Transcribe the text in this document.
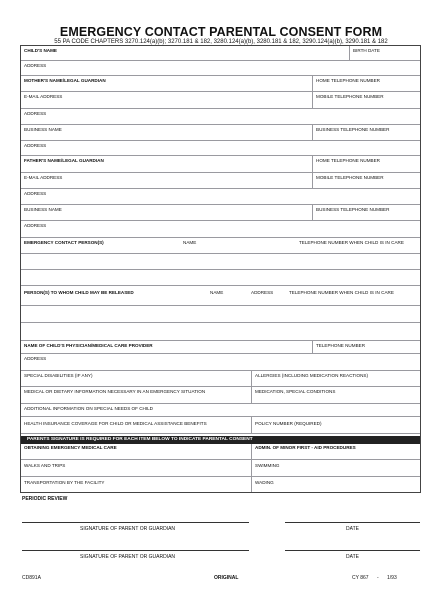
EMERGENCY CONTACT PARENTAL CONSENT FORM
55 PA CODE CHAPTERS 3270.124(a)(b); 3270.181 & 182, 3280.124(a)(b), 3280.181 & 182, 3290.124(a)(b), 3290.181 & 182
CHILD'S NAME	BIRTH DATE
ADDRESS
MOTHER'S NAME/LEGAL GUARDIAN	HOME TELEPHONE NUMBER
E-MAIL ADDRESS	MOBILE TELEPHONE NUMBER
ADDRESS
BUSINESS NAME	BUSINESS TELEPHONE NUMBER
ADDRESS
FATHER'S NAME/LEGAL GUARDIAN	HOME TELEPHONE NUMBER
E-MAIL ADDRESS	MOBILE TELEPHONE NUMBER
ADDRESS
BUSINESS NAME	BUSINESS TELEPHONE NUMBER
ADDRESS
EMERGENCY CONTACT PERSON(S)	NAME	TELEPHONE NUMBER WHEN CHILD IS IN CARE
PERSON(S) TO WHOM CHILD MAY BE RELEASED	NAME	ADDRESS	TELEPHONE NUMBER WHEN CHILD IS IN CARE
NAME OF CHILD'S PHYSICIAN/MEDICAL CARE PROVIDER	TELEPHONE NUMBER
ADDRESS
SPECIAL DISABILITIES (IF ANY)	ALLERGIES (INCLUDING MEDICATION REACTIONS)
MEDICAL OR DIETARY INFORMATION NECESSARY IN AN EMERGENCY SITUATION	MEDICATION, SPECIAL CONDITIONS
ADDITIONAL INFORMATION ON SPECIAL NEEDS OF CHILD
HEALTH INSURANCE COVERAGE FOR CHILD OR MEDICAL ASSISTANCE BENEFITS	POLICY NUMBER (REQUIRED)
PARENTS SIGNATURE IS REQUIRED FOR EACH ITEM BELOW TO INDICATE PARENTAL CONSENT
OBTAINING EMERGENCY MEDICAL CARE	ADMIN. OF MINOR FIRST - AID PROCEDURES
WALKS AND TRIPS	SWIMMING
TRANSPORTATION BY THE FACILITY	WADING
PERIODIC REVIEW
SIGNATURE OF PARENT OR GUARDIAN	DATE
SIGNATURE OF PARENT OR GUARDIAN	DATE
CD891A	ORIGINAL	CY 867 - 1/93
